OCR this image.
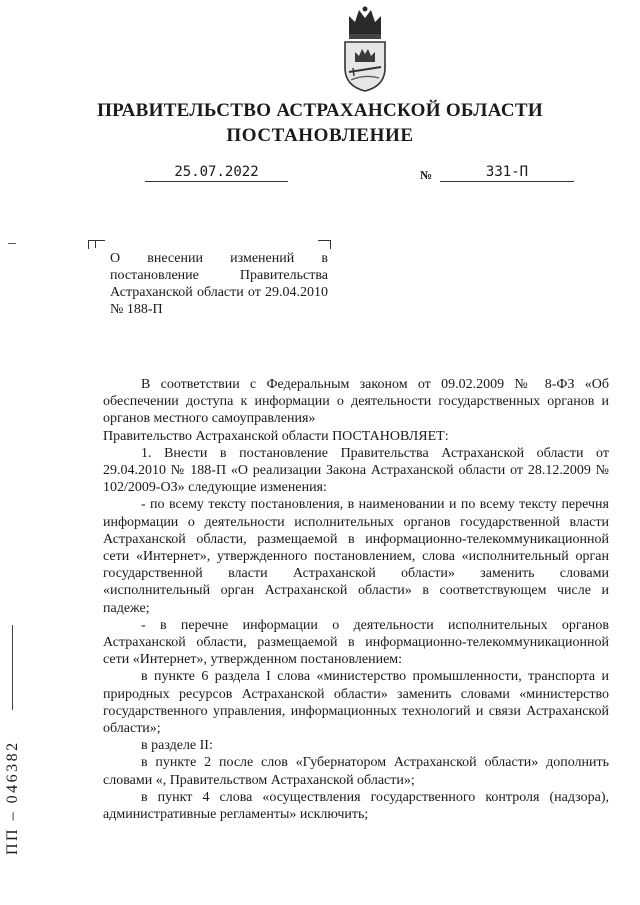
ПРАВИТЕЛЬСТВО АСТРАХАНСКОЙ ОБЛАСТИ
ПОСТАНОВЛЕНИЕ
25.07.2022	№	331-П
О внесении изменений в постановление Правительства Астраханской области от 29.04.2010 № 188-П

В соответствии с Федеральным законом от 09.02.2009 № 8-ФЗ «Об обеспечении доступа к информации о деятельности государственных органов и органов местного самоуправления»

Правительство Астраханской области ПОСТАНОВЛЯЕТ:

1. Внести в постановление Правительства Астраханской области от 29.04.2010 № 188-П «О реализации Закона Астраханской области от 28.12.2009 № 102/2009-ОЗ» следующие изменения:

- по всему тексту постановления, в наименовании и по всему тексту перечня информации о деятельности исполнительных органов государственной власти Астраханской области, размещаемой в информационно-телекоммуникационной сети «Интернет», утвержденного постановлением, слова «исполнительный орган государственной власти Астраханской области» заменить словами «исполнительный орган Астраханской области» в соответствующем числе и падеже;

- в перечне информации о деятельности исполнительных органов Астраханской области, размещаемой в информационно-телекоммуникационной сети «Интернет», утвержденном постановлением:

в пункте 6 раздела I слова «министерство промышленности, транспорта и природных ресурсов Астраханской области» заменить словами «министерство государственного управления, информационных технологий и связи Астраханской области»;

в разделе II:

в пункте 2 после слов «Губернатором Астраханской области» дополнить словами «, Правительством Астраханской области»;

в пункт 4 слова «осуществления государственного контроля (надзора), административные регламенты» исключить;

ПП – 046382
